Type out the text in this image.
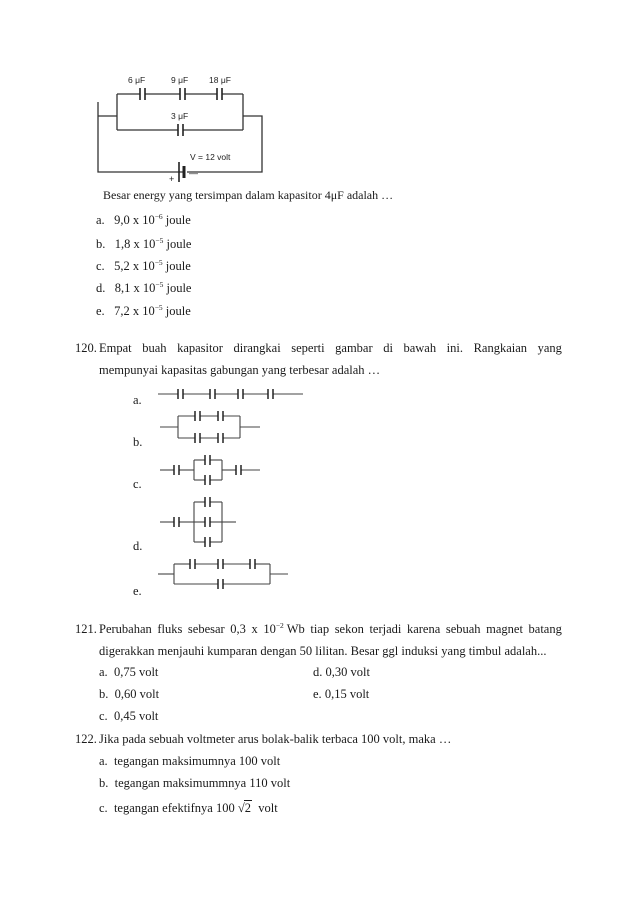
6 μF	9 μF 18 μF
3 μF
V = 12 volt
+
—
Besar energy yang tersimpan dalam kapasitor 4μF adalah …
a. 9,0 x $10^{-6}$ joule
b. 1,8 x $10^{-5}$ joule
c. 5,2 x $10^{-5}$ joule
d. 8,1 x $10^{-5}$ joule
e. 7,2 x $10^{-5}$ joule
120. Empat buah kapasitor dirangkai seperti gambar di bawah ini. Rangkaian yang
mempunyai kapasitas gabungan yang terbesar adalah …
a.
b.
c.
d.
e.
121. Perubahan fluks sebesar 0,3 x $10^{-2}$ Wb tiap sekon terjadi karena sebuah magnet batang
digerakkan menjauhi kumparan dengan 50 lilitan. Besar ggl induksi yang timbul adalah...
a. 0,75 volt
b. 0,60 volt
c. 0,45 volt
d. 0,30 volt
e. 0,15 volt
122. Jika pada sebuah voltmeter arus bolak-balik terbaca 100 volt, maka …
a. tegangan maksimumnya 100 volt
b. tegangan maksimummnya 110 volt
c. tegangan efektifnya 100 √2 volt
